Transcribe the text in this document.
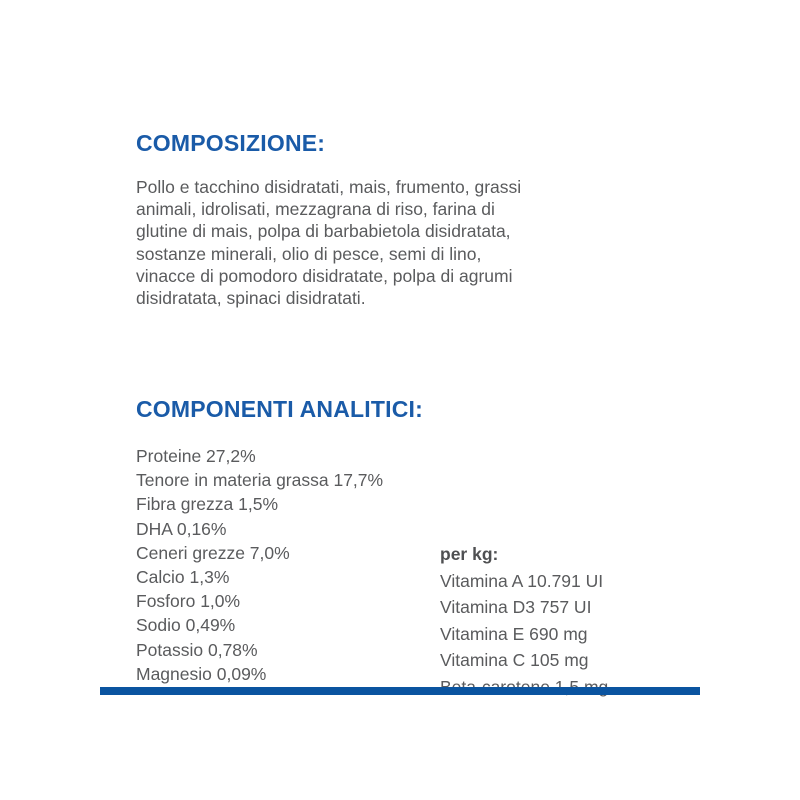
COMPOSIZIONE:

Pollo e tacchino disidratati, mais, frumento, grassi
animali, idrolisati, mezzagrana di riso, farina di
glutine di mais, polpa di barbabietola disidratata,
sostanze minerali, olio di pesce, semi di lino,
vinacce di pomodoro disidratate, polpa di agrumi
disidratata, spinaci disidratati.

COMPONENTI ANALITICI:
Proteine 27,2%
Tenore in materia grassa 17,7%
Fibra grezza 1,5%
DHA 0,16%
Ceneri grezze 7,0%
Calcio 1,3%
Fosforo 1,0%
Sodio 0,49%
Potassio 0,78%
Magnesio 0,09%
per kg:
Vitamina A 10.791 UI
Vitamina D3 757 UI
Vitamina E 690 mg
Vitamina C 105 mg
